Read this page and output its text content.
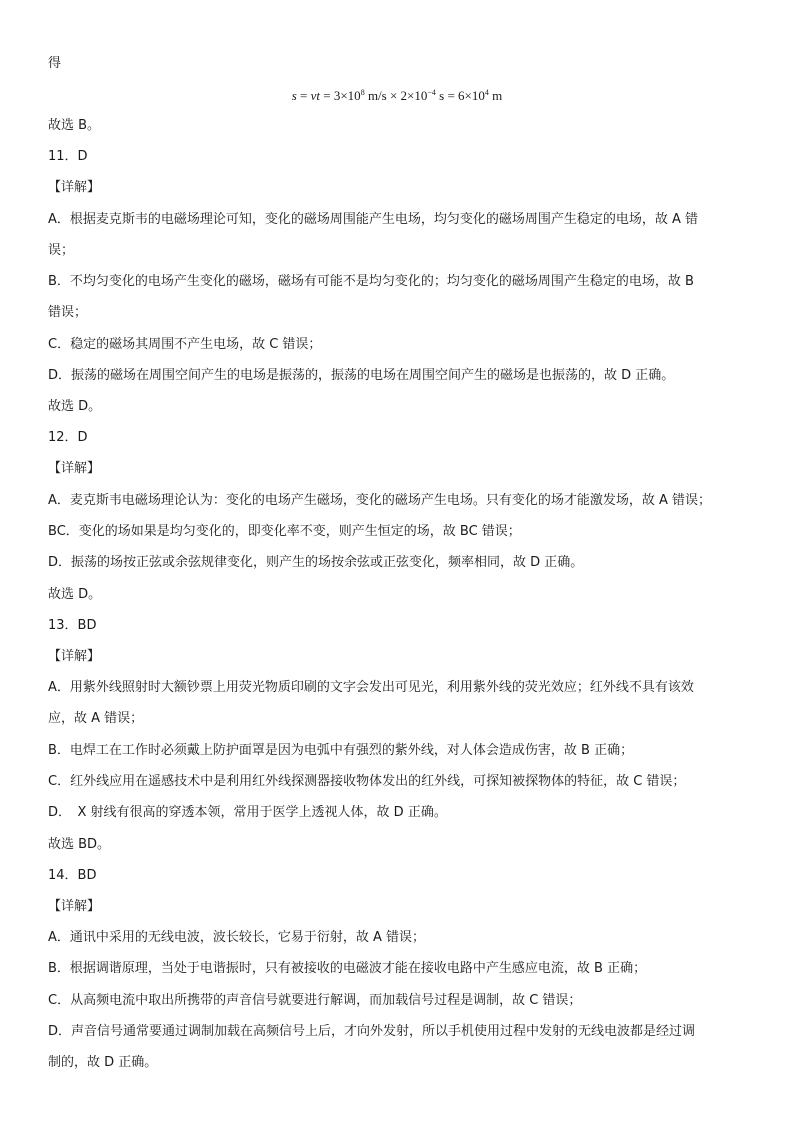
得
s = vt = $3\times 10^8$ $m/s \times 2\times 10^{-4}$ $s = 6\times 10^4$ m
故选 B。
11．D
【详解】
A．根据麦克斯韦的电磁场理论可知，变化的磁场周围能产生电场，均匀变化的磁场周围产生稳定的电场，故 A 错
误；
B．不均匀变化的电场产生变化的磁场，磁场有可能不是均匀变化的；均匀变化的磁场周围产生稳定的电场，故 B
错误；
C．稳定的磁场其周围不产生电场，故 C 错误；
D．振荡的磁场在周围空间产生的电场是振荡的，振荡的电场在周围空间产生的磁场是也振荡的，故 D 正确。
故选 D。
12．D
【详解】
A．麦克斯韦电磁场理论认为：变化的电场产生磁场，变化的磁场产生电场。只有变化的场才能激发场，故 A 错误；
BC．变化的场如果是均匀变化的，即变化率不变，则产生恒定的场，故 BC 错误；
D．振荡的场按正弦或余弦规律变化，则产生的场按余弦或正弦变化，频率相同，故 D 正确。
故选 D。
13．BD
【详解】
A．用紫外线照射时大额钞票上用荧光物质印刷的文字会发出可见光，利用紫外线的荧光效应；红外线不具有该效
应，故 A 错误；
B．电焊工在工作时必须戴上防护面罩是因为电弧中有强烈的紫外线，对人体会造成伤害，故 B 正确；
C．红外线应用在遥感技术中是利用红外线探测器接收物体发出的红外线，可探知被探物体的特征，故 C 错误；
D．　X 射线有很高的穿透本领，常用于医学上透视人体，故 D 正确。
故选 BD。
14．BD
【详解】
A．通讯中采用的无线电波，波长较长，它易于衍射，故 A 错误；
B．根据调谐原理，当处于电谐振时，只有被接收的电磁波才能在接收电路中产生感应电流，故 B 正确；
C．从高频电流中取出所携带的声音信号就要进行解调，而加载信号过程是调制，故 C 错误；
D．声音信号通常要通过调制加载在高频信号上后，才向外发射，所以手机使用过程中发射的无线电波都是经过调
制的，故 D 正确。
